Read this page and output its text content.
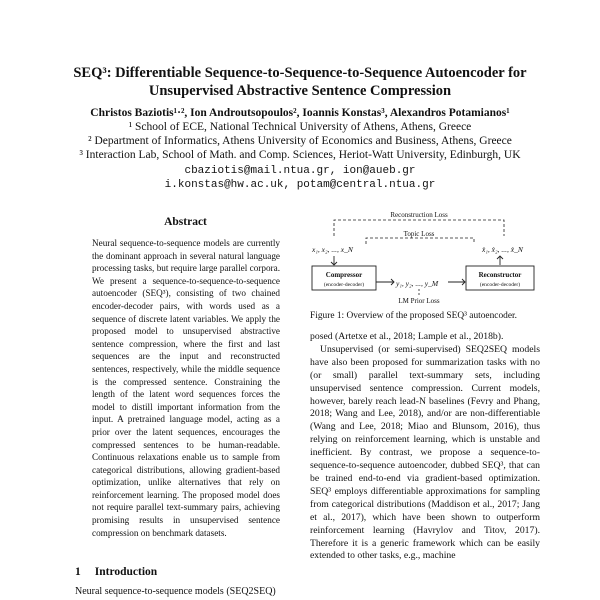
SEQ³: Differentiable Sequence-to-Sequence-to-Sequence Autoencoder for Unsupervised Abstractive Sentence Compression
Christos Baziotis¹·², Ion Androutsopoulos², Ioannis Konstas³, Alexandros Potamianos¹
¹ School of ECE, National Technical University of Athens, Athens, Greece
² Department of Informatics, Athens University of Economics and Business, Athens, Greece
³ Interaction Lab, School of Math. and Comp. Sciences, Heriot-Watt University, Edinburgh, UK
cbaziotis@mail.ntua.gr, ion@aueb.gr
i.konstas@hw.ac.uk, potam@central.ntua.gr
Abstract
Neural sequence-to-sequence models are currently the dominant approach in several natural language processing tasks, but require large parallel corpora. We present a sequence-to-sequence-to-sequence autoencoder (SEQ³), consisting of two chained encoder-decoder pairs, with words used as a sequence of discrete latent variables. We apply the proposed model to unsupervised abstractive sentence compression, where the first and last sequences are the input and reconstructed sentences, respectively, while the middle sequence is the compressed sentence. Constraining the length of the latent word sequences forces the model to distill important information from the input. A pretrained language model, acting as a prior over the latent sequences, encourages the compressed sentences to be human-readable. Continuous relaxations enable us to sample from categorical distributions, allowing gradient-based optimization, unlike alternatives that rely on reinforcement learning. The proposed model does not require parallel text-summary pairs, achieving promising results in unsupervised sentence compression on benchmark datasets.
1 Introduction
Neural sequence-to-sequence models (SEQ2SEQ)
Reconstruction Loss
Topic Loss
x₁, x₂, ..., x_N	x̂₁, x̂₂, ..., x̂_N
y₁, y₂, ..., y_M
Compressor
(encoder-decoder)
Reconstructor
(encoder-decoder)
LM Prior Loss
Figure 1: Overview of the proposed SEQ³ autoencoder.

posed (Artetxe et al., 2018; Lample et al., 2018b).

Unsupervised (or semi-supervised) SEQ2SEQ models have also been proposed for summarization tasks with no (or small) parallel text-summary sets, including unsupervised sentence compression. Current models, however, barely reach lead-N baselines (Fevry and Phang, 2018; Wang and Lee, 2018), and/or are non-differentiable (Wang and Lee, 2018; Miao and Blunsom, 2016), thus relying on reinforcement learning, which is unstable and inefficient. By contrast, we propose a sequence-to-sequence-to-sequence autoencoder, dubbed SEQ³, that can be trained end-to-end via gradient-based optimization. SEQ³ employs differentiable approximations for sampling from categorical distributions (Maddison et al., 2017; Jang et al., 2017), which have been shown to outperform reinforcement learning (Havrylov and Titov, 2017). Therefore it is a generic framework which can be easily extended to other tasks, e.g., machine
